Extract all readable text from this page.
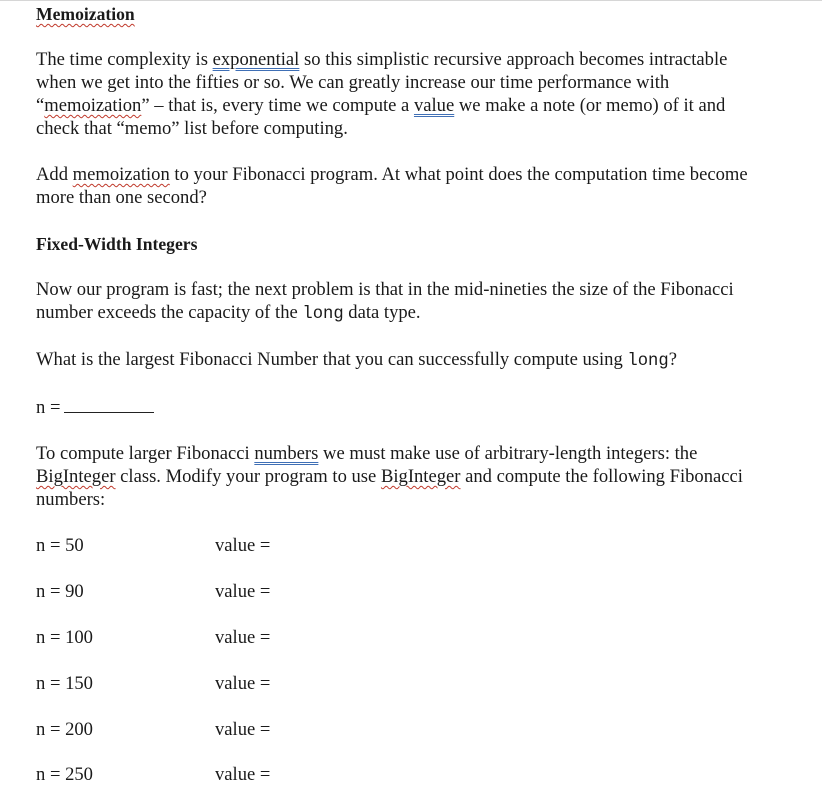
Memoization
The time complexity is exponential so this simplistic recursive approach becomes intractable
when we get into the fifties or so. We can greatly increase our time performance with
“memoization” – that is, every time we compute a value we make a note (or memo) of it and
check that “memo” list before computing.
Add memoization to your Fibonacci program. At what point does the computation time become
more than one second?
Fixed-Width Integers
Now our program is fast; the next problem is that in the mid-nineties the size of the Fibonacci
number exceeds the capacity of the long data type.
What is the largest Fibonacci Number that you can successfully compute using long?
n =
To compute larger Fibonacci numbers we must make use of arbitrary-length integers: the
BigInteger class. Modify your program to use BigInteger and compute the following Fibonacci
numbers:
n = 50	value =
n = 90	value =
n = 100	value =
n = 150	value =
n = 200	value =
n = 250	value =
